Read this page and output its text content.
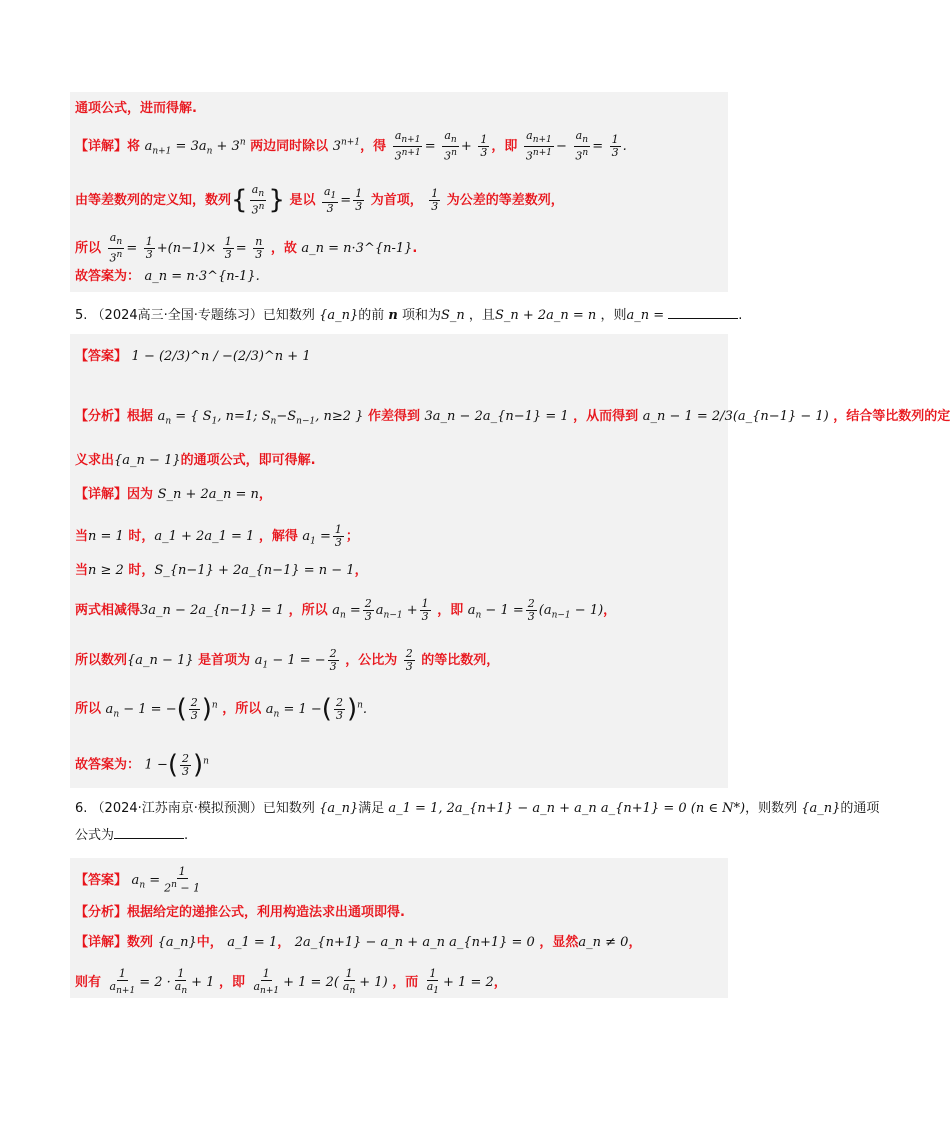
通项公式，进而得解.
【详解】将 $a_{n+1} = 3a_n + 3^n$ 两边同时除以 $3^{n+1}$，得 $\frac{a_{n+1}}{3^{n+1}} = \frac{a_n}{3^n} + \frac{1}{3}$ ，即 $\frac{a_{n+1}}{3^{n+1}} - \frac{a_n}{3^n} = \frac{1}{3}$ .
由等差数列的定义知，数列{ $\frac{a_n}{3^n}$ } 是以 $\frac{a_1}{3} = \frac{1}{3}$ 为首项， $\frac{1}{3}$ 为公差的等差数列，
所以 $\frac{a_n}{3^n} = \frac{1}{3} +(n-1)\times \frac{1}{3} = \frac{n}{3}$ ，故 a_n = n·3^{n-1}.
故答案为： a_n = n·3^{n-1}.
5. （2024高三·全国·专题练习）已知数列 {a_n}的前 n 项和为S_n ，且S_n + 2a_n = n ，则a_n =	.
【答案】 1 − (2/3)^n / −(2/3)^n + 1
【分析】根据 $a_n$ = { $S_1$, n=1; $S_n-S_{n-1}$, n≥2 } 作差得到 3a_n − 2a_{n−1} = 1 ，从而得到 a_n − 1 = 2/3(a_{n−1} − 1) ，结合等比数列的定
义求出{a_n − 1}的通项公式，即可得解.
【详解】因为 S_n + 2a_n = n，
当n = 1 时，a_1 + 2a_1 = 1 ，解得 $a_1 = \frac{1}{3}$ ；
当n ≥ 2 时，S_{n−1} + 2a_{n−1} = n − 1，
两式相减得3a_n − 2a_{n−1} = 1 ，所以 $a_n = \frac{2}{3} a_{n-1} + \frac{1}{3}$ ，即 $a_n - 1 = \frac{2}{3} (a_{n-1} - 1)$，
所以数列{a_n − 1} 是首项为 $a_1 - 1$ = − $\frac{2}{3}$ ，公比为 $\frac{2}{3}$ 的等比数列，
所以 $a_n - 1$ = −( $\frac{2}{3} )^n$ ，所以 $a_n = 1$ −( $\frac{2}{3} )^n$.
故答案为： 1 −( $\frac{2}{3} )^n$
6. （2024·江苏南京·模拟预测）已知数列 {a_n}满足 a_1 = 1, 2a_{n+1} − a_n + a_n a_{n+1} = 0 (n ∈ N*)，则数列 {a_n}的通项
公式为	.
【答案】 $a_n = \frac{1}{2^n - 1}$
【分析】根据给定的递推公式，利用构造法求出通项即得.
【详解】数列 {a_n}中， a_1 = 1， 2a_{n+1} − a_n + a_n a_{n+1} = 0 ，显然a_n ≠ 0，
则有 $\frac{1}{a_{n+1}} = 2 \cdot \frac{1}{a_n} + 1$ ，即 $\frac{1}{a_{n+1}} + 1 = 2( \frac{1}{a_n} + 1)$ ，而 $\frac{1}{a_1} + 1 = 2$，
